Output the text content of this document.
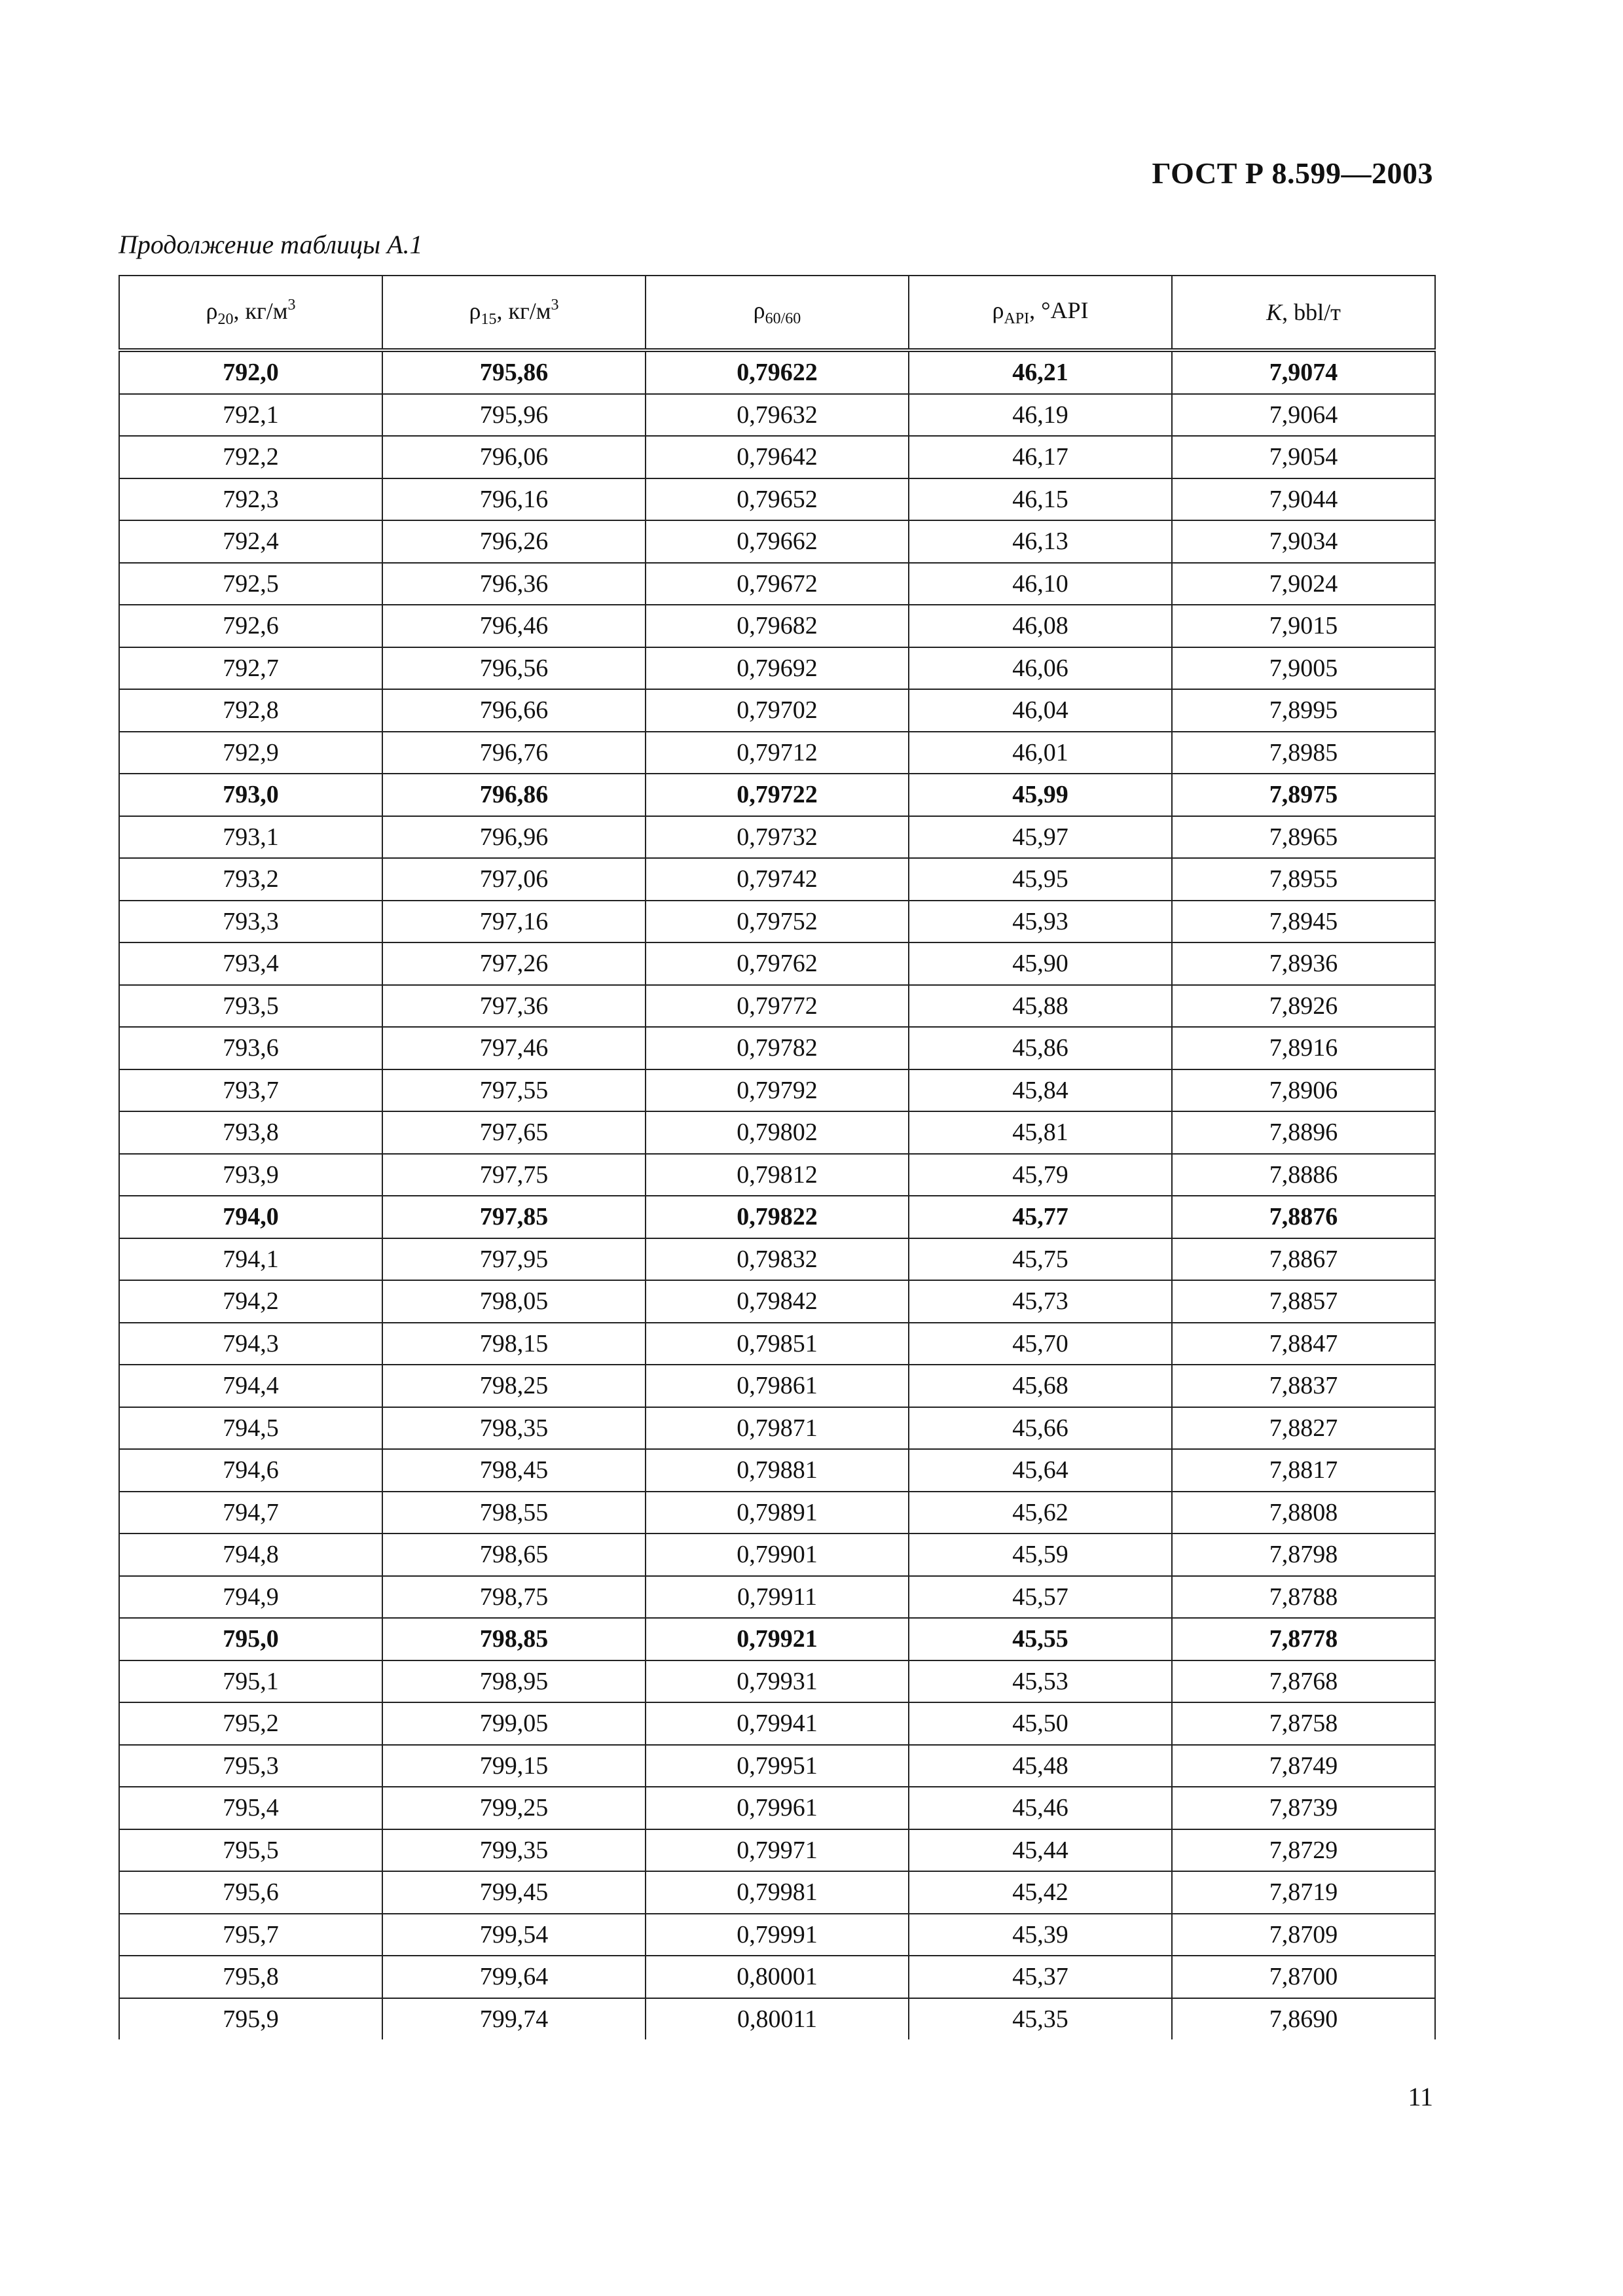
ГОСТ Р 8.599—2003
Продолжение таблицы А.1
$\rho_{20}$, $кг/м^3$	$\rho_{15}$, $кг/м^3$	$\rho_{60/60}$	$\rho_{API}$, °API	K, bbl/т
792,0	795,86	0,79622	46,21	7,9074
792,1	795,96	0,79632	46,19	7,9064
792,2	796,06	0,79642	46,17	7,9054
792,3	796,16	0,79652	46,15	7,9044
792,4	796,26	0,79662	46,13	7,9034
792,5	796,36	0,79672	46,10	7,9024
792,6	796,46	0,79682	46,08	7,9015
792,7	796,56	0,79692	46,06	7,9005
792,8	796,66	0,79702	46,04	7,8995
792,9	796,76	0,79712	46,01	7,8985
793,0	796,86	0,79722	45,99	7,8975
793,1	796,96	0,79732	45,97	7,8965
793,2	797,06	0,79742	45,95	7,8955
793,3	797,16	0,79752	45,93	7,8945
793,4	797,26	0,79762	45,90	7,8936
793,5	797,36	0,79772	45,88	7,8926
793,6	797,46	0,79782	45,86	7,8916
793,7	797,55	0,79792	45,84	7,8906
793,8	797,65	0,79802	45,81	7,8896
793,9	797,75	0,79812	45,79	7,8886
794,0	797,85	0,79822	45,77	7,8876
794,1	797,95	0,79832	45,75	7,8867
794,2	798,05	0,79842	45,73	7,8857
794,3	798,15	0,79851	45,70	7,8847
794,4	798,25	0,79861	45,68	7,8837
794,5	798,35	0,79871	45,66	7,8827
794,6	798,45	0,79881	45,64	7,8817
794,7	798,55	0,79891	45,62	7,8808
794,8	798,65	0,79901	45,59	7,8798
794,9	798,75	0,79911	45,57	7,8788
795,0	798,85	0,79921	45,55	7,8778
795,1	798,95	0,79931	45,53	7,8768
795,2	799,05	0,79941	45,50	7,8758
795,3	799,15	0,79951	45,48	7,8749
795,4	799,25	0,79961	45,46	7,8739
795,5	799,35	0,79971	45,44	7,8729
795,6	799,45	0,79981	45,42	7,8719
795,7	799,54	0,79991	45,39	7,8709
795,8	799,64	0,80001	45,37	7,8700
795,9	799,74	0,80011	45,35	7,8690
11
